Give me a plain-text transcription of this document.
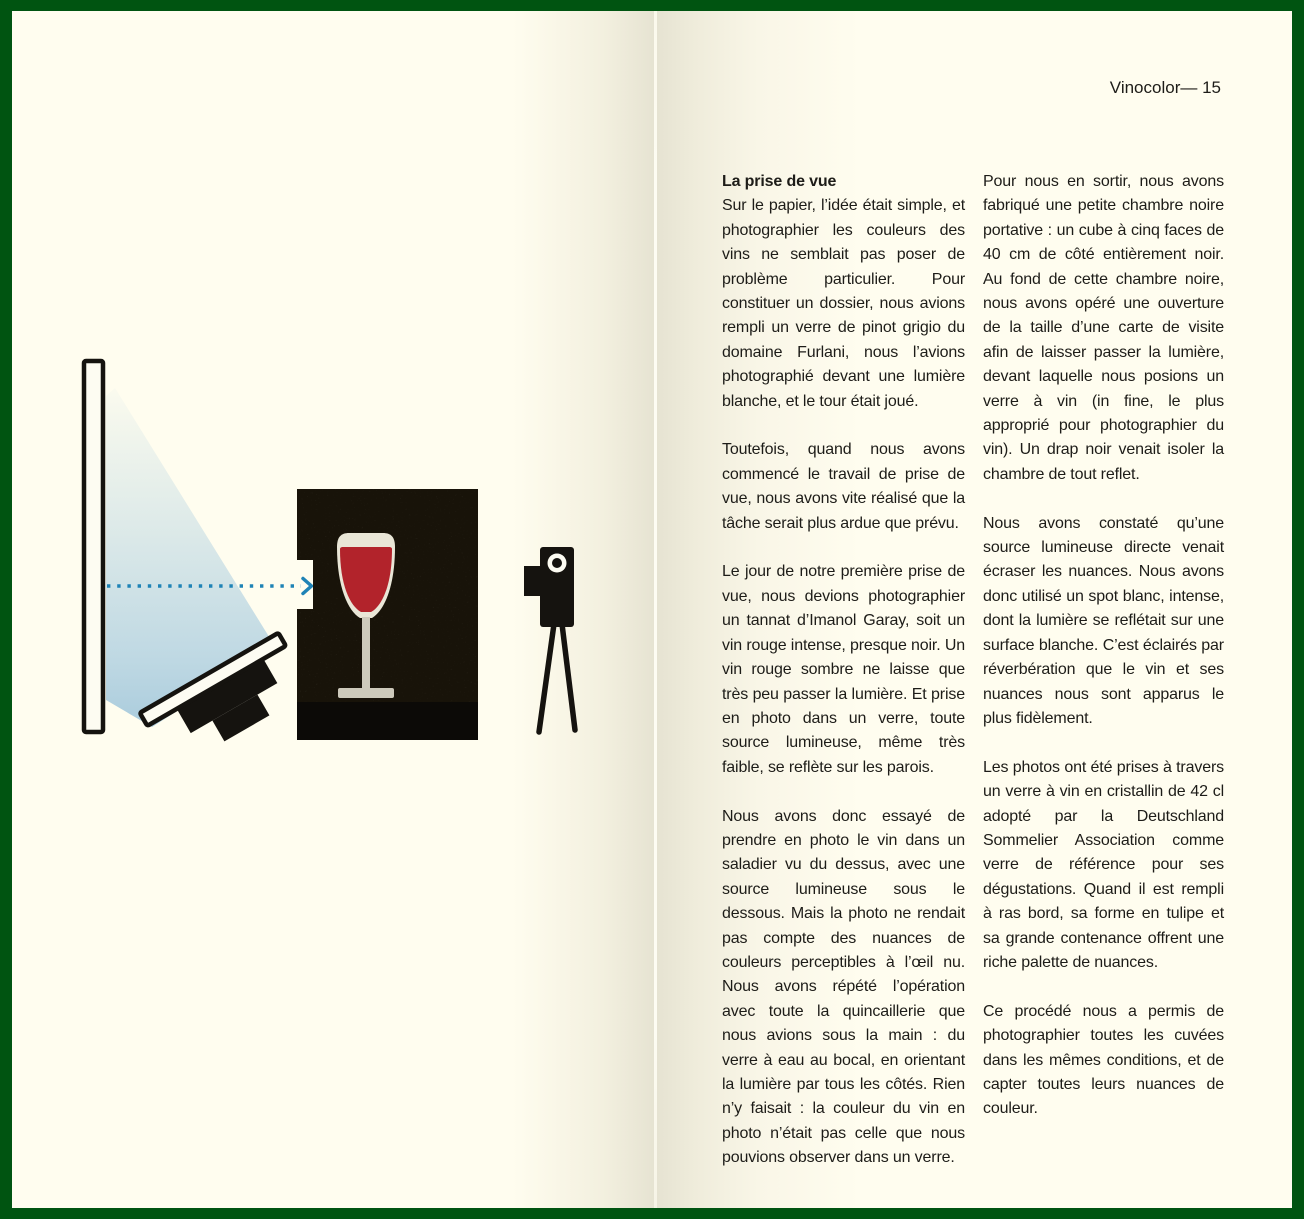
Vinocolor— 15
La prise de vue

Sur le papier, l’idée était simple, et photographier les couleurs des vins ne semblait pas poser de problème particulier. Pour constituer un dossier, nous avions rempli un verre de pinot grigio du domaine Furlani, nous l’avions photographié devant une lumière blanche, et le tour était joué.

Toutefois, quand nous avons commencé le travail de prise de vue, nous avons vite réalisé que la tâche serait plus ardue que prévu.

Le jour de notre première prise de vue, nous devions photographier un tannat d’Imanol Garay, soit un vin rouge intense, presque noir. Un vin rouge sombre ne laisse que très peu passer la lumière. Et prise en photo dans un verre, toute source lumineuse, même très faible, se reflète sur les parois.

Nous avons donc essayé de prendre en photo le vin dans un saladier vu du dessus, avec une source lumineuse sous le dessous. Mais la photo ne rendait pas compte des nuances de couleurs perceptibles à l’œil nu. Nous avons répété l’opération avec toute la quincaillerie que nous avions sous la main : du verre à eau au bocal, en orientant la lumière par tous les côtés. Rien n’y faisait : la couleur du vin en photo n’était pas celle que nous pouvions observer dans un verre.

Pour nous en sortir, nous avons fabriqué une petite chambre noire portative : un cube à cinq faces de 40 cm de côté entièrement noir. Au fond de cette chambre noire, nous avons opéré une ouverture de la taille d’une carte de visite afin de laisser passer la lumière, devant laquelle nous posions un verre à vin (in fine, le plus approprié pour photographier du vin). Un drap noir venait isoler la chambre de tout reflet.

Nous avons constaté qu’une source lumineuse directe venait écraser les nuances. Nous avons donc utilisé un spot blanc, intense, dont la lumière se reflétait sur une surface blanche. C’est éclairés par réverbération que le vin et ses nuances nous sont apparus le plus fidèlement.

Les photos ont été prises à travers un verre à vin en cristallin de 42 cl adopté par la Deutschland Sommelier Association comme verre de référence pour ses dégustations. Quand il est rempli à ras bord, sa forme en tulipe et sa grande contenance offrent une riche palette de nuances.

Ce procédé nous a permis de photographier toutes les cuvées dans les mêmes conditions, et de capter toutes leurs nuances de couleur.
